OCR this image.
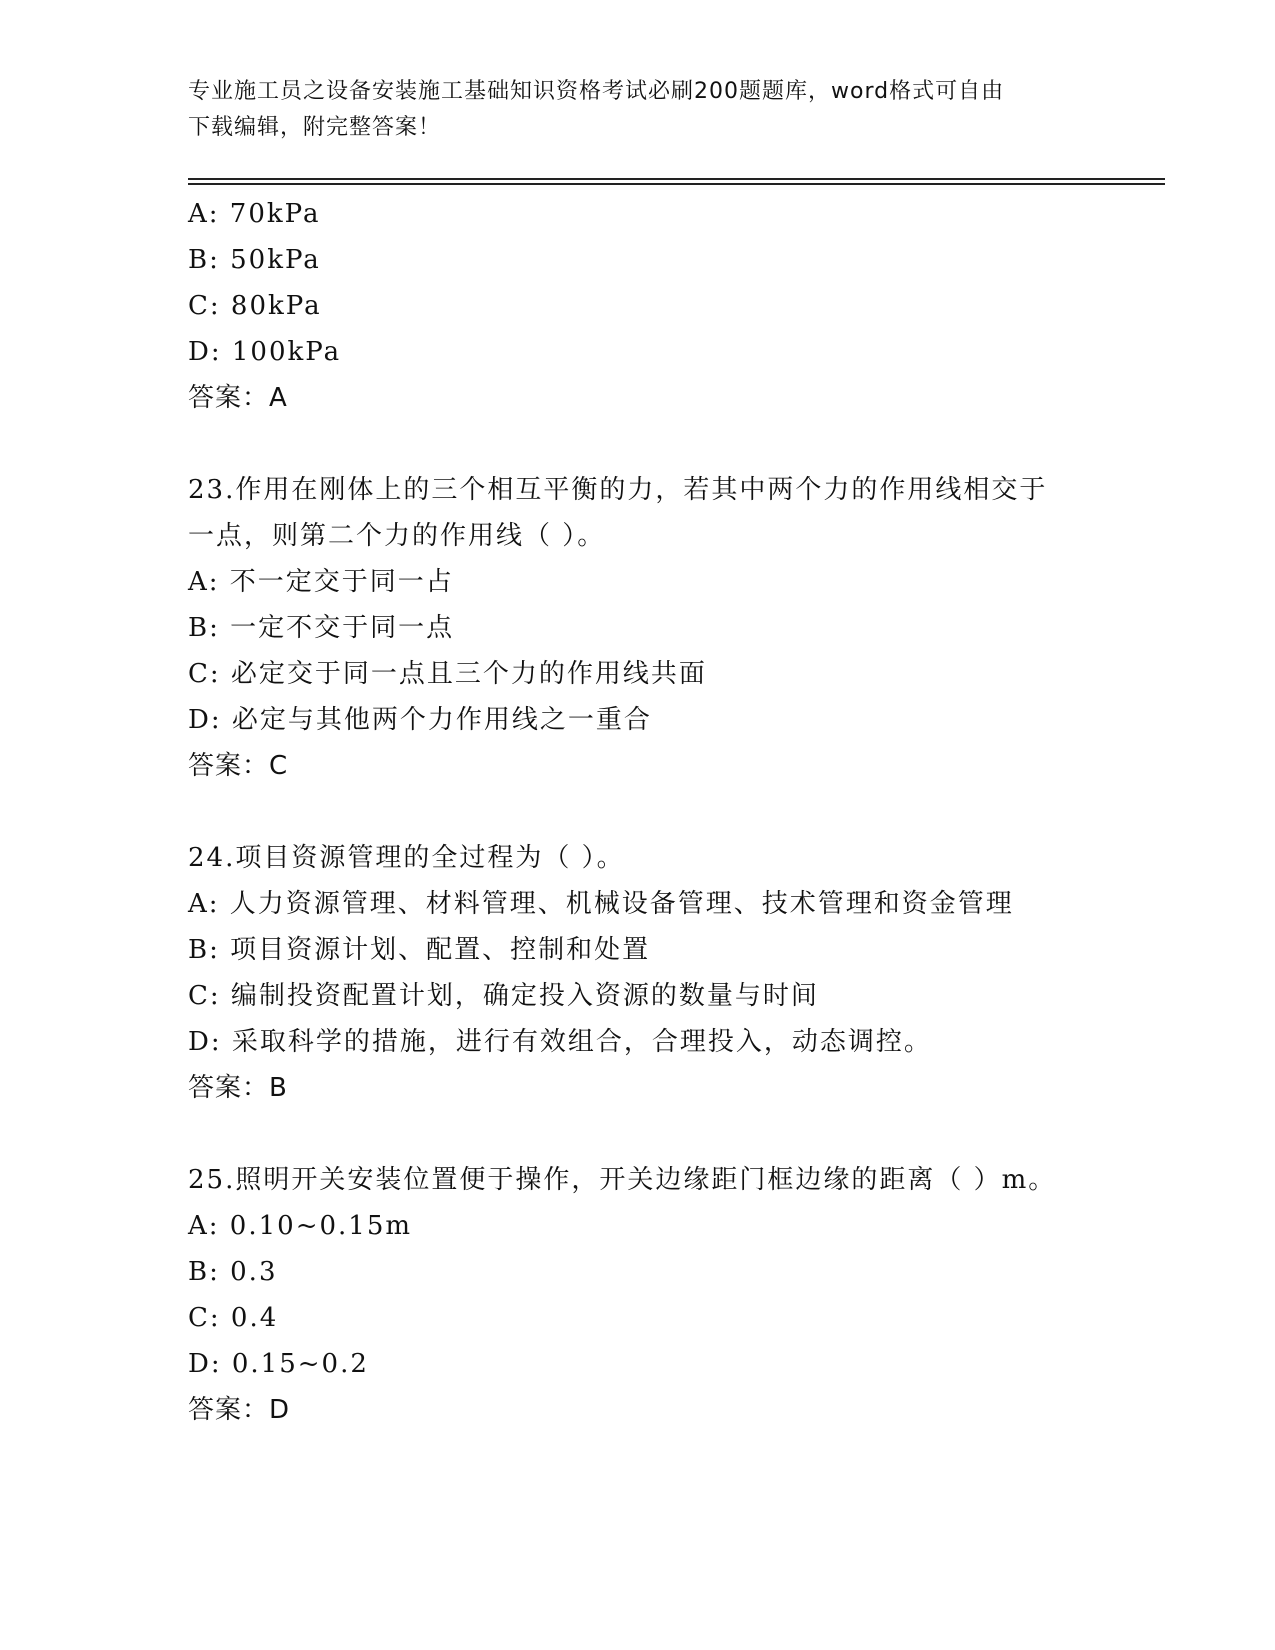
专业施工员之设备安装施工基础知识资格考试必刷200题题库，word格式可自由
下载编辑，附完整答案！
A: 70kPa
B: 50kPa
C: 80kPa
D: 100kPa
答案：A
23.作用在刚体上的三个相互平衡的力，若其中两个力的作用线相交于
一点，则第二个力的作用线（ ）。
A: 不一定交于同一占
B: 一定不交于同一点
C: 必定交于同一点且三个力的作用线共面
D: 必定与其他两个力作用线之一重合
答案：C
24.项目资源管理的全过程为（ ）。
A: 人力资源管理、材料管理、机械设备管理、技术管理和资金管理
B: 项目资源计划、配置、控制和处置
C: 编制投资配置计划，确定投入资源的数量与时间
D: 采取科学的措施，进行有效组合，合理投入，动态调控。
答案：B
25.照明开关安装位置便于操作，开关边缘距门框边缘的距离（ ）m。
A: 0.10~0.15m
B: 0.3
C: 0.4
D: 0.15~0.2
答案：D
